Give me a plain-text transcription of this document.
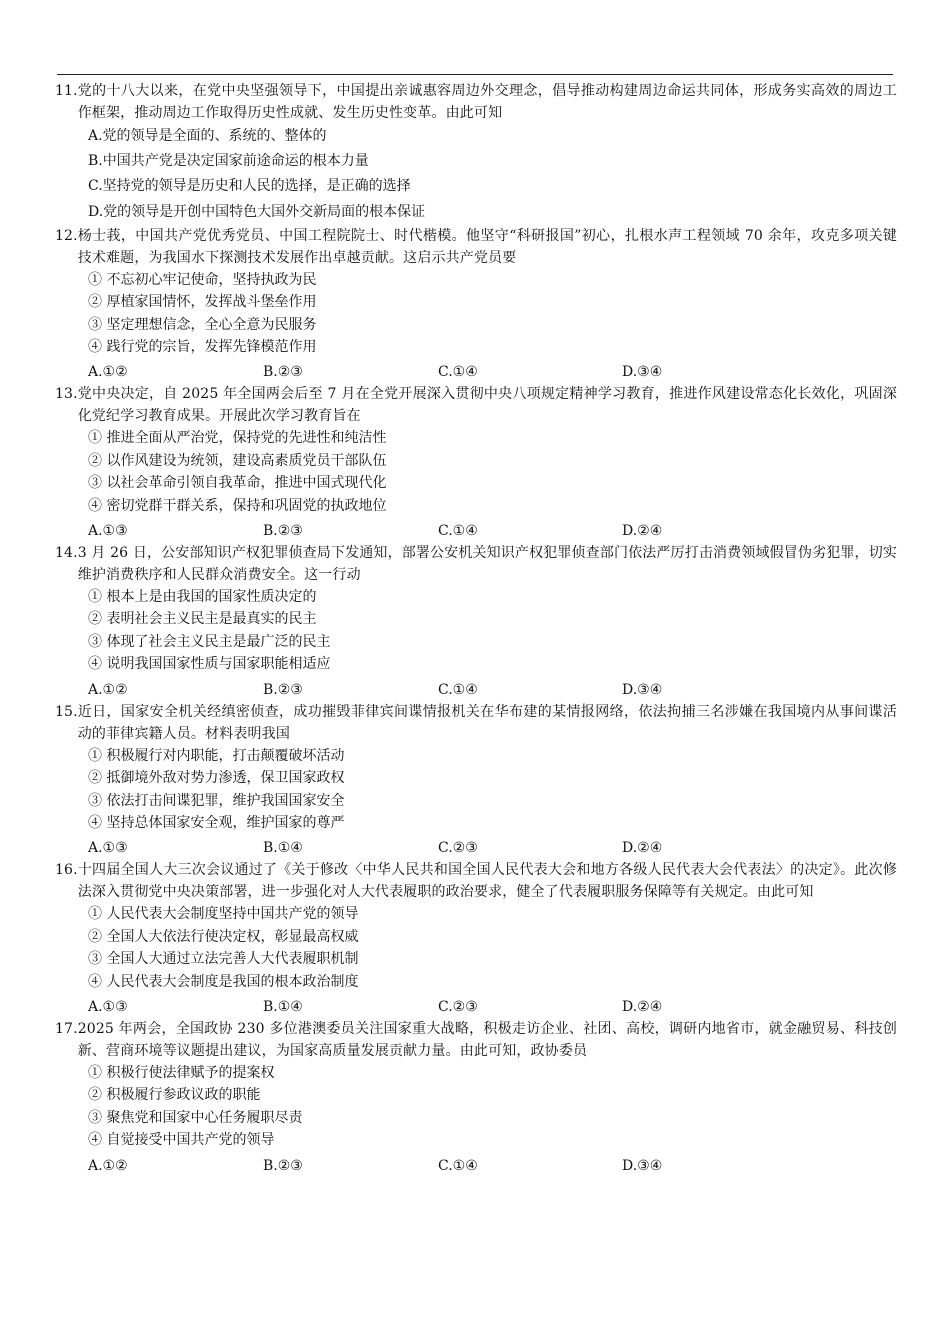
11. 党的十八大以来，在党中央坚强领导下，中国提出亲诚惠容周边外交理念，倡导推动构建周边命运共同体，形成务实高效的周边工作框架，推动周边工作取得历史性成就、发生历史性变革。由此可知
A.党的领导是全面的、系统的、整体的
B.中国共产党是决定国家前途命运的根本力量
C.坚持党的领导是历史和人民的选择，是正确的选择
D.党的领导是开创中国特色大国外交新局面的根本保证
12. 杨士莪，中国共产党优秀党员、中国工程院院士、时代楷模。他坚守“科研报国”初心，扎根水声工程领域 70 余年，攻克多项关键技术难题，为我国水下探测技术发展作出卓越贡献。这启示共产党员要
① 不忘初心牢记使命，坚持执政为民
② 厚植家国情怀，发挥战斗堡垒作用
③ 坚定理想信念，全心全意为民服务
④ 践行党的宗旨，发挥先锋模范作用
A.①②	B.②③	C.①④	D.③④
13. 党中央决定，自 2025 年全国两会后至 7 月在全党开展深入贯彻中央八项规定精神学习教育，推进作风建设常态化长效化，巩固深化党纪学习教育成果。开展此次学习教育旨在
① 推进全面从严治党，保持党的先进性和纯洁性
② 以作风建设为统领，建设高素质党员干部队伍
③ 以社会革命引领自我革命，推进中国式现代化
④ 密切党群干群关系，保持和巩固党的执政地位
A.①③	B.②③	C.①④	D.②④
14. 3 月 26 日，公安部知识产权犯罪侦查局下发通知，部署公安机关知识产权犯罪侦查部门依法严厉打击消费领域假冒伪劣犯罪，切实维护消费秩序和人民群众消费安全。这一行动
① 根本上是由我国的国家性质决定的
② 表明社会主义民主是最真实的民主
③ 体现了社会主义民主是最广泛的民主
④ 说明我国国家性质与国家职能相适应
A.①②	B.②③	C.①④	D.③④
15. 近日，国家安全机关经缜密侦查，成功摧毁菲律宾间谍情报机关在华布建的某情报网络，依法拘捕三名涉嫌在我国境内从事间谍活动的菲律宾籍人员。材料表明我国
① 积极履行对内职能，打击颠覆破坏活动
② 抵御境外敌对势力渗透，保卫国家政权
③ 依法打击间谍犯罪，维护我国国家安全
④ 坚持总体国家安全观，维护国家的尊严
A.①③	B.①④	C.②③	D.②④
16. 十四届全国人大三次会议通过了《关于修改〈中华人民共和国全国人民代表大会和地方各级人民代表大会代表法〉的决定》。此次修法深入贯彻党中央决策部署，进一步强化对人大代表履职的政治要求，健全了代表履职服务保障等有关规定。由此可知
① 人民代表大会制度坚持中国共产党的领导
② 全国人大依法行使决定权，彰显最高权威
③ 全国人大通过立法完善人大代表履职机制
④ 人民代表大会制度是我国的根本政治制度
A.①③	B.①④	C.②③	D.②④
17. 2025 年两会，全国政协 230 多位港澳委员关注国家重大战略，积极走访企业、社团、高校，调研内地省市，就金融贸易、科技创新、营商环境等议题提出建议，为国家高质量发展贡献力量。由此可知，政协委员
① 积极行使法律赋予的提案权
② 积极履行参政议政的职能
③ 聚焦党和国家中心任务履职尽责
④ 自觉接受中国共产党的领导
A.①②	B.②③	C.①④	D.③④
